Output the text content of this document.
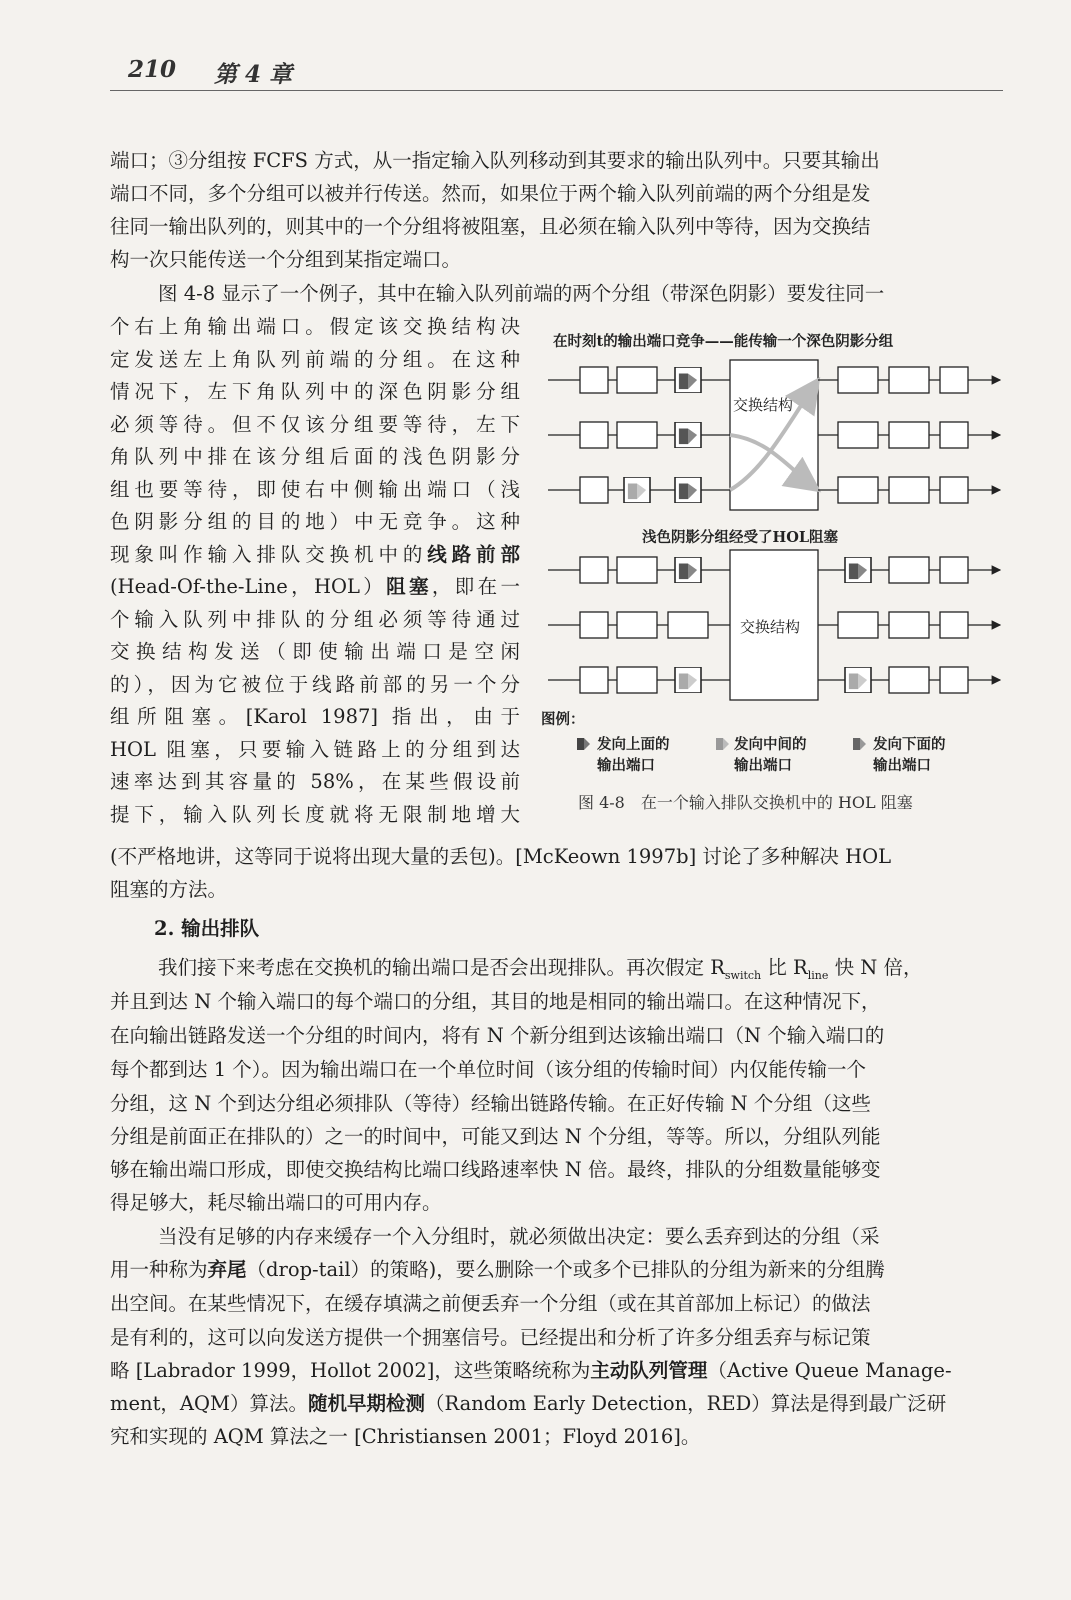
210 第 4 章
端口；③分组按 FCFS 方式，从一指定输入队列移动到其要求的输出队列中。只要其输出
端口不同，多个分组可以被并行传送。然而，如果位于两个输入队列前端的两个分组是发
往同一输出队列的，则其中的一个分组将被阻塞，且必须在输入队列中等待，因为交换结
构一次只能传送一个分组到某指定端口。
图 4-8 显示了一个例子，其中在输入队列前端的两个分组（带深色阴影）要发往同一

个右上角输出端口。假定该交换结构决

定发送左上角队列前端的分组。在这种

情况下，左下角队列中的深色阴影分组

必须等待。但不仅该分组要等待，左下

角队列中排在该分组后面的浅色阴影分

组也要等待，即使右中侧输出端口（浅

色阴影分组的目的地）中无竞争。这种

现象叫作输入排队交换机中的线路前部

(Head-Of-the-Line，HOL）阻塞，即在一

个输入队列中排队的分组必须等待通过

交换结构发送（即使输出端口是空闲

的），因为它被位于线路前部的另一个分

组所阻塞。[Karol 1987] 指出，由于

HOL 阻塞，只要输入链路上的分组到达

速率达到其容量的 58%，在某些假设前

提下，输入队列长度就将无限制地增大

(不严格地讲，这等同于说将出现大量的丢包)。[McKeown 1997b] 讨论了多种解决 HOL
阻塞的方法。
2. 输出排队
我们接下来考虑在交换机的输出端口是否会出现排队。再次假定 $R_{switch}$ 比 $R_{line}$ 快 N 倍，
并且到达 N 个输入端口的每个端口的分组，其目的地是相同的输出端口。在这种情况下，
在向输出链路发送一个分组的时间内，将有 N 个新分组到达该输出端口（N 个输入端口的
每个都到达 1 个）。因为输出端口在一个单位时间（该分组的传输时间）内仅能传输一个
分组，这 N 个到达分组必须排队（等待）经输出链路传输。在正好传输 N 个分组（这些
分组是前面正在排队的）之一的时间中，可能又到达 N 个分组，等等。所以，分组队列能
够在输出端口形成，即使交换结构比端口线路速率快 N 倍。最终，排队的分组数量能够变
得足够大，耗尽输出端口的可用内存。
当没有足够的内存来缓存一个入分组时，就必须做出决定：要么丢弃到达的分组（采
用一种称为弃尾（drop-tail）的策略)，要么删除一个或多个已排队的分组为新来的分组腾
出空间。在某些情况下，在缓存填满之前便丢弃一个分组（或在其首部加上标记）的做法
是有利的，这可以向发送方提供一个拥塞信号。已经提出和分析了许多分组丢弃与标记策
略 [Labrador 1999，Hollot 2002]，这些策略统称为主动队列管理（Active Queue Manage-
ment，AQM）算法。随机早期检测（Random Early Detection，RED）算法是得到最广泛研
究和实现的 AQM 算法之一 [Christiansen 2001；Floyd 2016]。
在时刻t的输出端口竞争——能传输一个深色阴影分组
交换结构
浅色阴影分组经受了HOL阻塞
交换结构
图例：
发向上面的
输出端口
发向中间的
输出端口
发向下面的
输出端口
图 4-8　在一个输入排队交换机中的 HOL 阻塞
